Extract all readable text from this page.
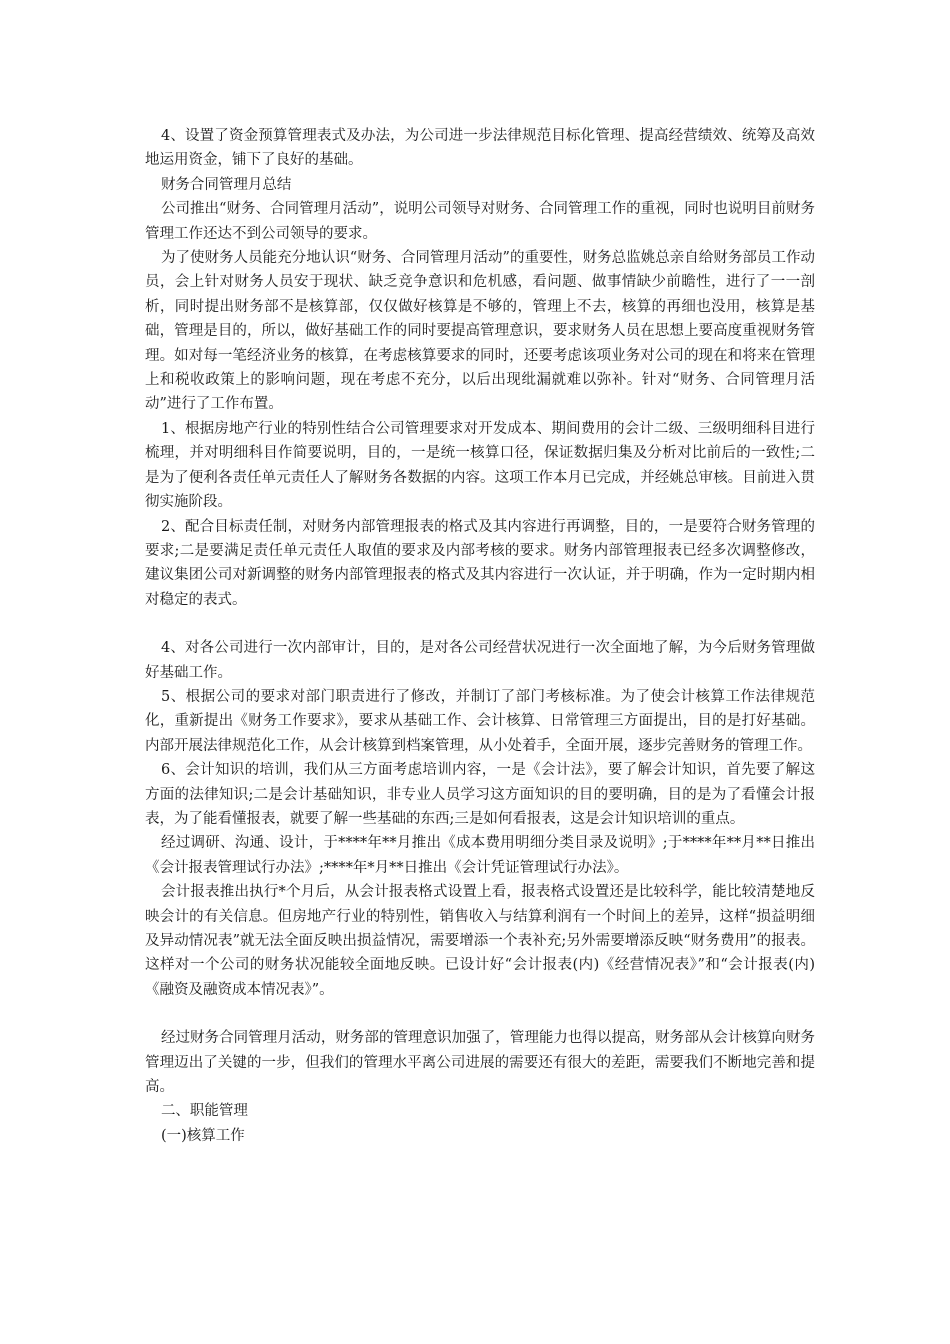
4、设置了资金预算管理表式及办法，为公司进一步法律规范目标化管理、提高经营绩效、统筹及高效地运用资金，铺下了良好的基础。

财务合同管理月总结

公司推出“财务、合同管理月活动”，说明公司领导对财务、合同管理工作的重视，同时也说明目前财务管理工作还达不到公司领导的要求。

为了使财务人员能充分地认识“财务、合同管理月活动”的重要性，财务总监姚总亲自给财务部员工作动员，会上针对财务人员安于现状、缺乏竞争意识和危机感，看问题、做事情缺少前瞻性，进行了一一剖析，同时提出财务部不是核算部，仅仅做好核算是不够的，管理上不去，核算的再细也没用，核算是基础，管理是目的，所以，做好基础工作的同时要提高管理意识，要求财务人员在思想上要高度重视财务管理。如对每一笔经济业务的核算，在考虑核算要求的同时，还要考虑该项业务对公司的现在和将来在管理上和税收政策上的影响问题，现在考虑不充分，以后出现纰漏就难以弥补。针对“财务、合同管理月活动”进行了工作布置。

1、根据房地产行业的特别性结合公司管理要求对开发成本、期间费用的会计二级、三级明细科目进行梳理，并对明细科目作简要说明，目的，一是统一核算口径，保证数据归集及分析对比前后的一致性;二是为了便利各责任单元责任人了解财务各数据的内容。这项工作本月已完成，并经姚总审核。目前进入贯彻实施阶段。

2、配合目标责任制，对财务内部管理报表的格式及其内容进行再调整，目的，一是要符合财务管理的要求;二是要满足责任单元责任人取值的要求及内部考核的要求。财务内部管理报表已经多次调整修改，建议集团公司对新调整的财务内部管理报表的格式及其内容进行一次认证，并于明确，作为一定时期内相对稳定的表式。

4、对各公司进行一次内部审计，目的，是对各公司经营状况进行一次全面地了解，为今后财务管理做好基础工作。

5、根据公司的要求对部门职责进行了修改，并制订了部门考核标准。为了使会计核算工作法律规范化，重新提出《财务工作要求》，要求从基础工作、会计核算、日常管理三方面提出，目的是打好基础。内部开展法律规范化工作，从会计核算到档案管理，从小处着手，全面开展，逐步完善财务的管理工作。

6、会计知识的培训，我们从三方面考虑培训内容，一是《会计法》，要了解会计知识，首先要了解这方面的法律知识;二是会计基础知识，非专业人员学习这方面知识的目的要明确，目的是为了看懂会计报表，为了能看懂报表，就要了解一些基础的东西;三是如何看报表，这是会计知识培训的重点。

经过调研、沟通、设计，于****年**月推出《成本费用明细分类目录及说明》;于****年**月**日推出《会计报表管理试行办法》;****年*月**日推出《会计凭证管理试行办法》。

会计报表推出执行*个月后，从会计报表格式设置上看，报表格式设置还是比较科学，能比较清楚地反映会计的有关信息。但房地产行业的特别性，销售收入与结算利润有一个时间上的差异，这样“损益明细及异动情况表”就无法全面反映出损益情况，需要增添一个表补充;另外需要增添反映“财务费用”的报表。这样对一个公司的财务状况能较全面地反映。已设计好“会计报表(内)《经营情况表》”和“会计报表(内)《融资及融资成本情况表》”。

经过财务合同管理月活动，财务部的管理意识加强了，管理能力也得以提高，财务部从会计核算向财务管理迈出了关键的一步，但我们的管理水平离公司进展的需要还有很大的差距，需要我们不断地完善和提高。

二、职能管理

(一)核算工作
